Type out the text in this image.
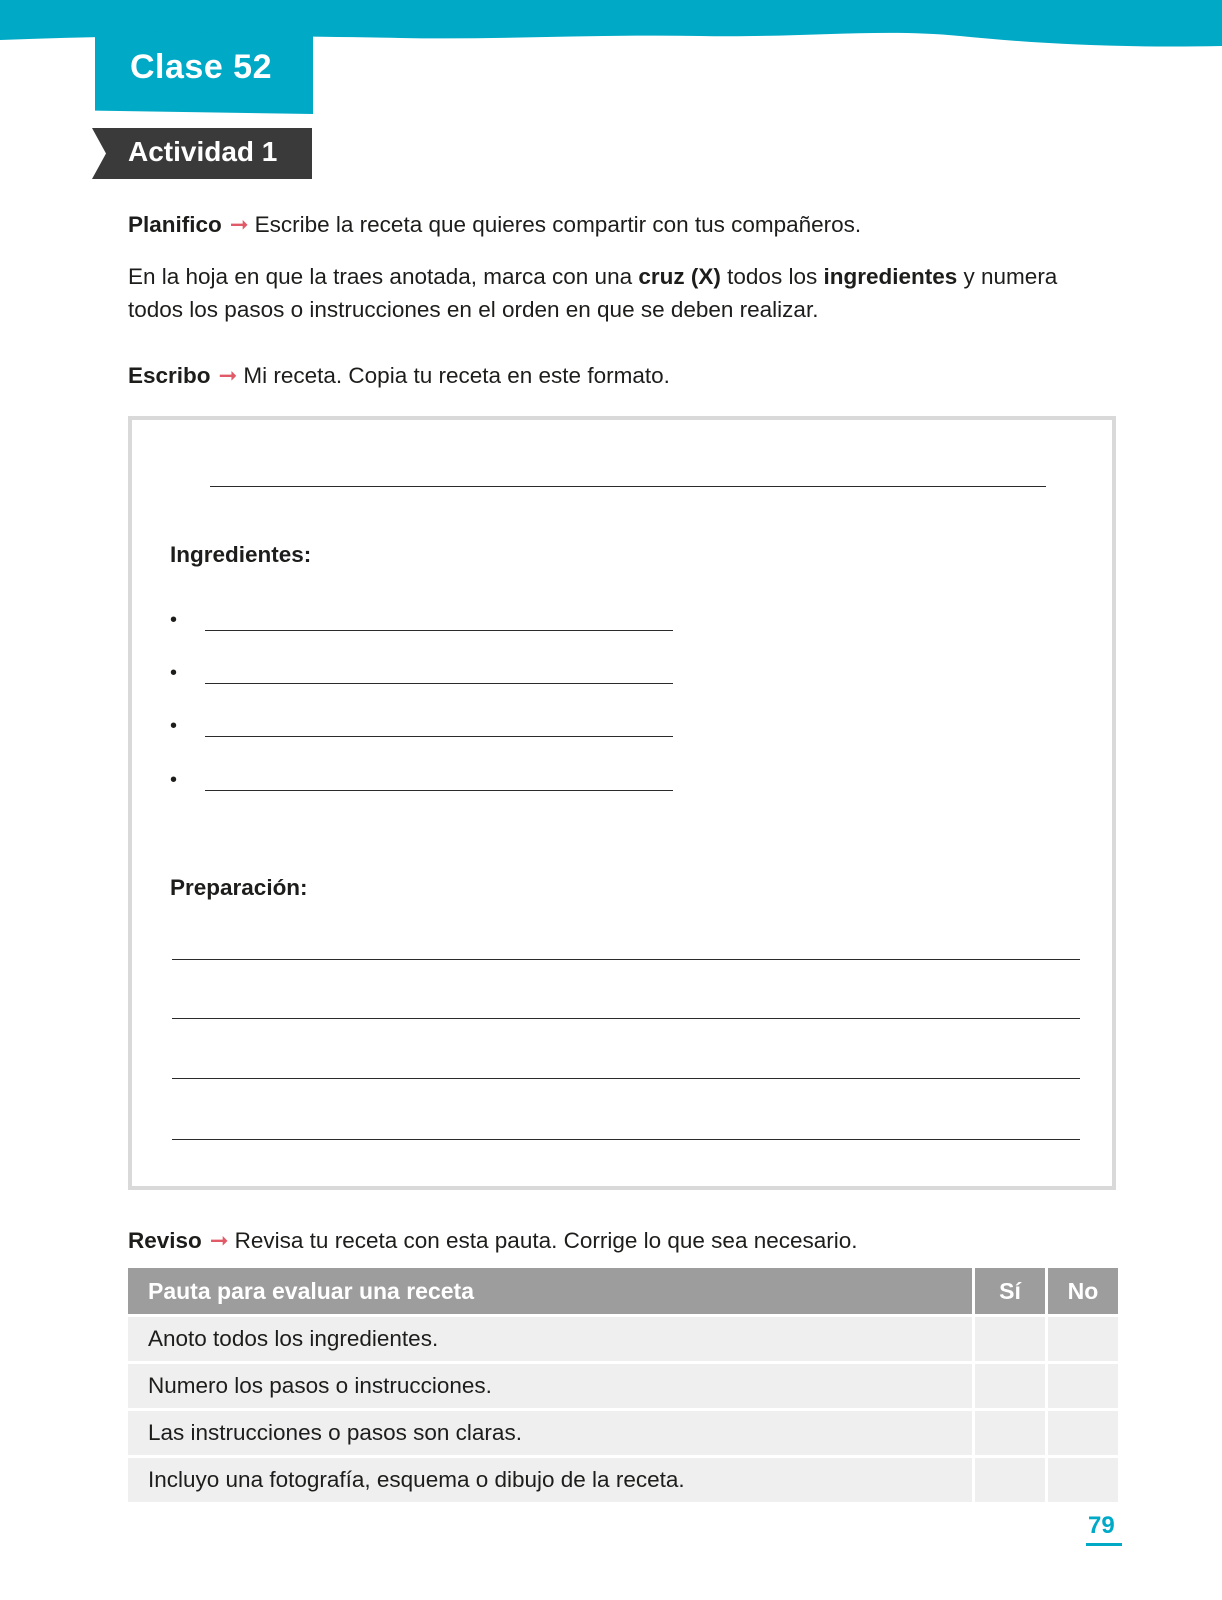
Clase 52
Actividad 1
Planifico ➞ Escribe la receta que quieres compartir con tus compañeros.
En la hoja en que la traes anotada, marca con una cruz (X) todos los ingredientes y numera todos los pasos o instrucciones en el orden en que se deben realizar.
Escribo ➞ Mi receta. Copia tu receta en este formato.
Ingredientes:
•
•
•
•
Preparación:
Reviso ➞ Revisa tu receta con esta pauta. Corrige lo que sea necesario.
Pauta para evaluar una receta	Sí	No
Anoto todos los ingredientes.		
Numero los pasos o instrucciones.		
Las instrucciones o pasos son claras.		
Incluyo una fotografía, esquema o dibujo de la receta.		
79
